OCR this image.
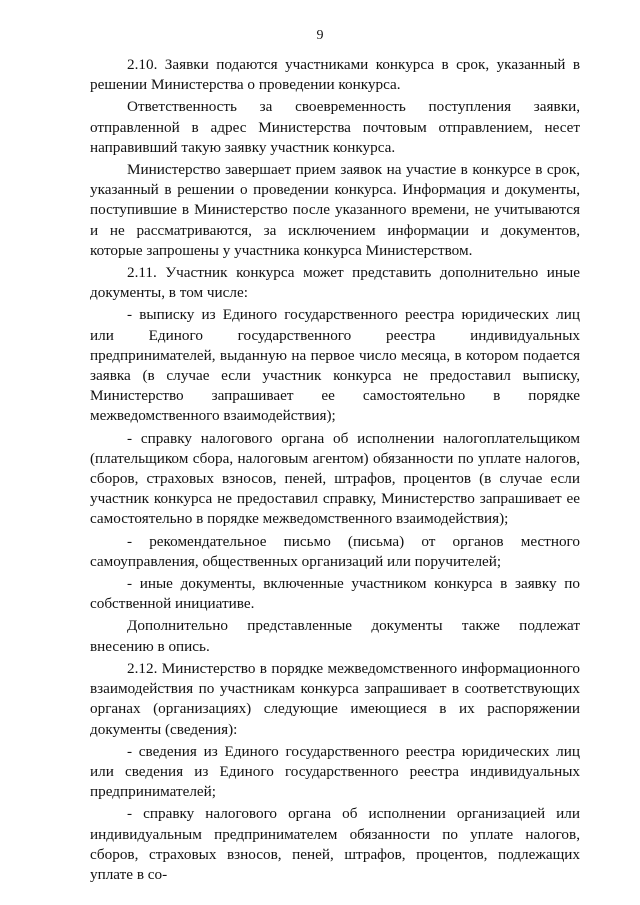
9

2.10. Заявки подаются участниками конкурса в срок, указанный в решении Министерства о проведении конкурса.

Ответственность за своевременность поступления заявки, отправленной в адрес Министерства почтовым отправлением, несет направивший такую заявку участник конкурса.

Министерство завершает прием заявок на участие в конкурсе в срок, указанный в решении о проведении конкурса. Информация и документы, поступившие в Министерство после указанного времени, не учитываются и не рассматриваются, за исключением информации и документов, которые запрошены у участника конкурса Министерством.

2.11. Участник конкурса может представить дополнительно иные документы, в том числе:

- выписку из Единого государственного реестра юридических лиц или Единого государственного реестра индивидуальных предпринимателей, выданную на первое число месяца, в котором подается заявка (в случае если участник конкурса не предоставил выписку, Министерство запрашивает ее самостоятельно в порядке межведомственного взаимодействия);

- справку налогового органа об исполнении налогоплательщиком (плательщиком сбора, налоговым агентом) обязанности по уплате налогов, сборов, страховых взносов, пеней, штрафов, процентов (в случае если участник конкурса не предоставил справку, Министерство запрашивает ее самостоятельно в порядке межведомственного взаимодействия);

- рекомендательное письмо (письма) от органов местного самоуправления, общественных организаций или поручителей;

- иные документы, включенные участником конкурса в заявку по собственной инициативе.

Дополнительно представленные документы также подлежат внесению в опись.

2.12. Министерство в порядке межведомственного информационного взаимодействия по участникам конкурса запрашивает в соответствующих органах (организациях) следующие имеющиеся в их распоряжении документы (сведения):

- сведения из Единого государственного реестра юридических лиц или сведения из Единого государственного реестра индивидуальных предпринимателей;

- справку налогового органа об исполнении организацией или индивидуальным предпринимателем обязанности по уплате налогов, сборов, страховых взносов, пеней, штрафов, процентов, подлежащих уплате в со-
